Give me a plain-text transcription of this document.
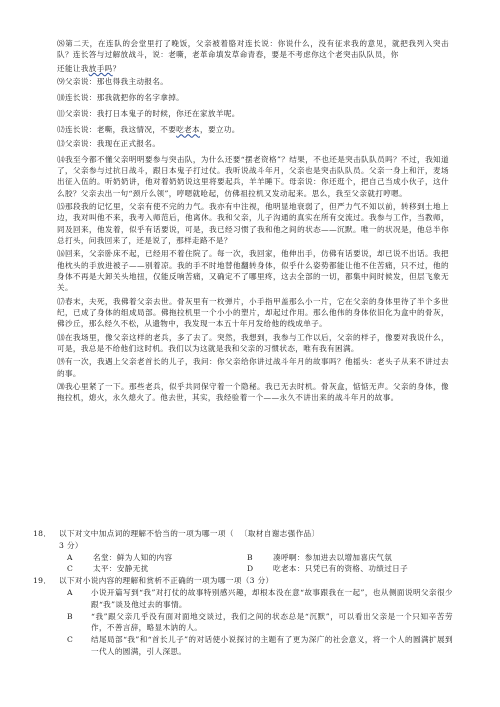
⑻第二天，在连队的会堂里打了晚饭，父亲被着胳对连长说：你说什么，没有征求我的意见，就把我列入突击队？连长答与过解放战斗，说：老嘶，老革命填发草命青春，要是不考虑你这个老突击队队员，你

还能让我放手吗？

⑼父亲说：那也得我主动报名。

⑽连长说：那我就把你的名字拿掉。

⑾父亲说：我打日本鬼子的时候，你还在家放羊呢。

⑿连长说：老嘶，我这情况，不要吃老本，要立功。

⒀父亲说：我现在正式报名。

⒁我至今都不懂父亲明明要参与突击队，为什么还要“摆老资格”？结果，不也还是突击队队员吗？不过，我知道了，父亲参与过抗日战斗，跟日本鬼子打过仗。我听说战斗年月，父亲也是突击队队员。父亲一身上和汗，麦场出征入伍的。听奶奶讲，他对着奶奶说这里将要起兵，羊羊睡下。母亲说：你还逛个，把自己当成小伙子，这什么胶？父亲去出一句“颈斤么领”，哼嗯就呛起，仿佛祖拉机又发动起来。思么，我至父亲就打哼嗯。

⒂那段我的记忆里，父亲有使不完的力气。我亦有中注视，他明显地衰弱了，但严力气不知以前，转移到土地上边，我对叫他不来，我考入师范后，他离休。我和父亲，儿子沟通的真实在所有交流过。我参与工作，当教师，同及回来，他发着，似乎有话要说，可是，我已经习惯了我和他之间的状态——沉默。唯一的状况是，他总半你总打头，问我回来了，还是说了，那样走路不是？

⒃回来，父亲卧床不起，已经用不着住院了。每一次，我回家，他伸出手，仿佛有话要说，却已说不出话。我把他枕头的手放进被子——别着凉。我的手不时地替他翻转身体，似乎什么姿势都能让他不住苦痛，只不过，他的身体不再是大卸关头地扭，仅能反响苦痛，又确定不了哪里疼，这去全部的一切，都集中间时候发，但层飞象无关。

⒄春末，夫死，我佛着父亲去世。骨灰里有一枚弹片，小手指甲盖那么小一片，它在父亲的身体里待了半个多世纪，已成了身体的组成局部。佛拖拉机里一个小小的塑片，却起过作用。那么他伟的身体依旧化为盒中的骨灰，佛沙丘，那么经久不松，从遗物中，我发现一本五十年月发给他的线成单子。

⒅在我场里，像父亲这样的老兵，多了去了。突然，我想到，我参与工作以后，父亲的样子，像要对我说什么，可是，我总是不给他们这时机。我们以为这就是我和父亲的习惯状态，唯有我有困满。

⒆有一次，我遇上父亲老首长的儿子，我问：你父亲给你讲过战斗年月的故事吗？他摇头：老头子从来不讲过去的事。

⒇我心里紧了一下。那些老兵，似乎共同保守着一个隐秘。我已无去时机。骨灰盒，惦惦无声。父亲的身体，像拖拉机，熄火，永久熄火了。他去世，其实，我经验着一个——永久不讲出来的战斗年月的故事。

18．	以下对文中加点词的理解不恰当的一项为哪一项（ 〔取材自谢志强作品〕
3 分）
A	名堂：鲜为人知的内容	B	凑呼啊：参加进去以增加喜庆气氛
C	太平：安静无扰	D	吃老本：只凭已有的资格、功绩过日子
19．	以下对小说内容的理解和赏析不正确的一项为哪一项（3 分）
A	小说开篇写到“我”对打仗的故事特别感兴趣，却根本没在意“故事跟我在一起”，也从侧面说明父亲很少跟“我”谈及他过去的事情。
B	“我”跟父亲几乎没有面对面地交谈过，我们之间的状态总是“沉默”，可以看出父亲是一个只知辛苦劳作，不善言辞，略显木讷的人。
C	结尾局部“我”和“首长儿子”的对话使小说探讨的主题有了更为深广的社会意义，将一个人的圆满扩展到一代人的圆满，引人深思。
